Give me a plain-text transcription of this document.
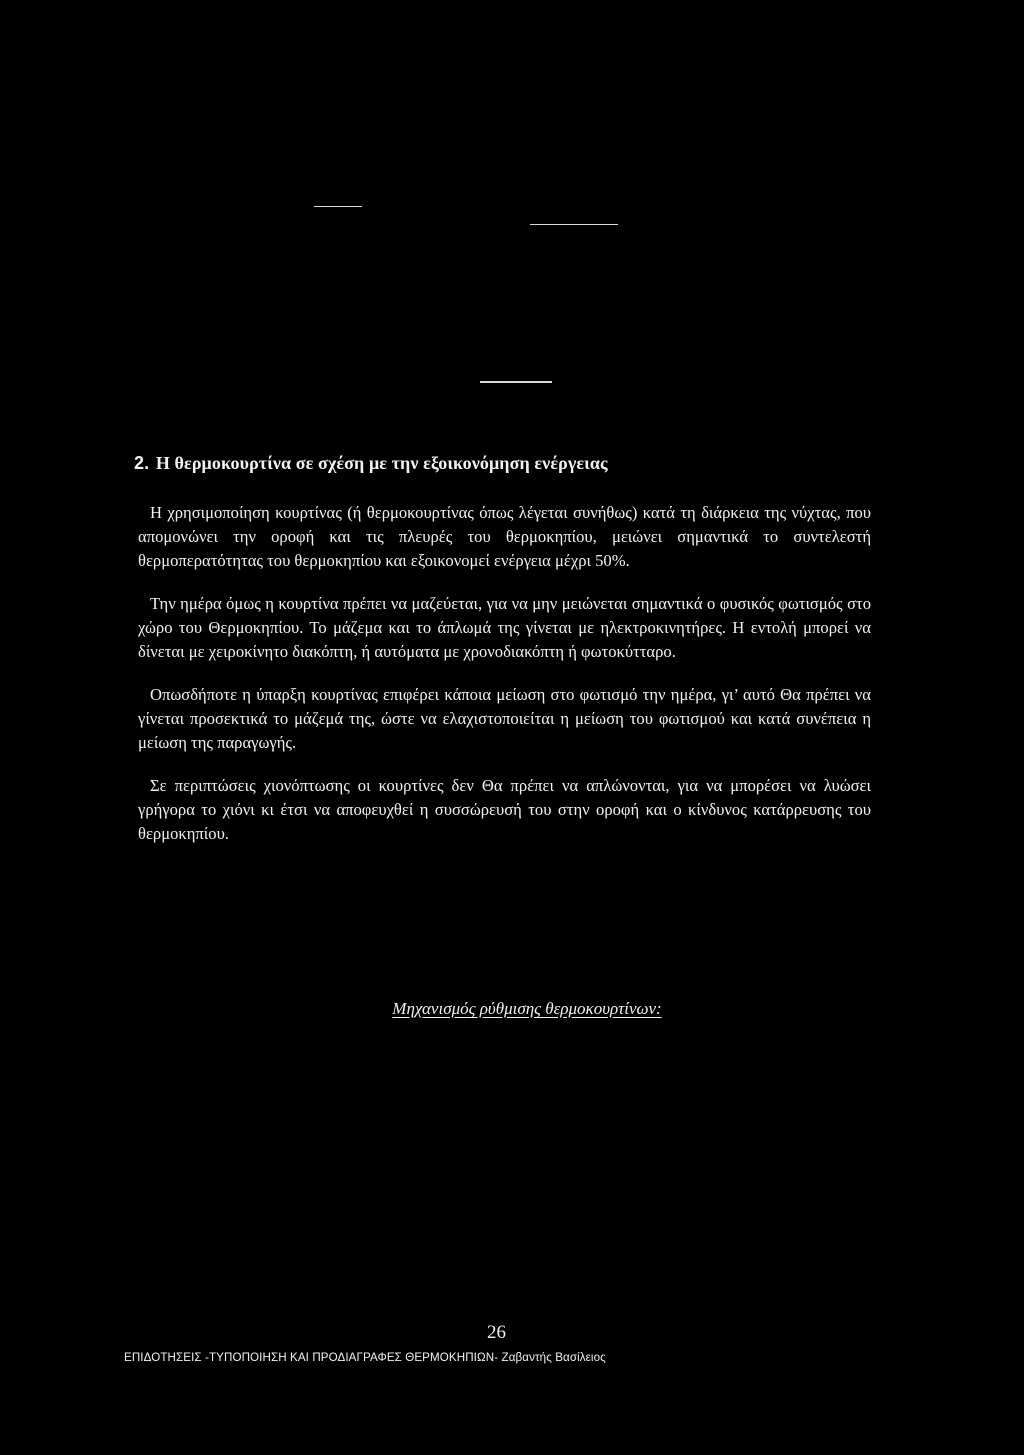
2. Η θερμοκουρτίνα σε σχέση με την εξοικονόμηση ενέργειας

Η χρησιμοποίηση κουρτίνας (ή θερμοκουρτίνας όπως λέγεται συνήθως) κατά τη διάρκεια της νύχτας, που απομονώνει την οροφή και τις πλευρές του θερμοκηπίου, μειώνει σημαντικά το συντελεστή θερμοπερατότητας του θερμοκηπίου και εξοικονομεί ενέργεια μέχρι 50%.

Την ημέρα όμως η κουρτίνα πρέπει να μαζεύεται, για να μην μειώνεται σημαντικά ο φυσικός φωτισμός στο χώρο του Θερμοκηπίου. Το μάζεμα και το άπλωμά της γίνεται με ηλεκτροκινητήρες. Η εντολή μπορεί να δίνεται με χειροκίνητο διακόπτη, ή αυτόματα με χρονοδιακόπτη ή φωτοκύτταρο.

Οπωσδήποτε η ύπαρξη κουρτίνας επιφέρει κάποια μείωση στο φωτισμό την ημέρα, γι’ αυτό Θα πρέπει να γίνεται προσεκτικά το μάζεμά της, ώστε να ελαχιστοποιείται η μείωση του φωτισμού και κατά συνέπεια η μείωση της παραγωγής.

Σε περιπτώσεις χιονόπτωσης οι κουρτίνες δεν Θα πρέπει να απλώνονται, για να μπορέσει να λυώσει γρήγορα το χιόνι κι έτσι να αποφευχθεί η συσσώρευσή του στην οροφή και ο κίνδυνος κατάρρευσης του θερμοκηπίου.

Μηχανισμός ρύθμισης θερμοκουρτίνων:
26
ΕΠΙΔΟΤΗΣΕΙΣ -ΤΥΠΟΠΟΙΗΣΗ ΚΑΙ ΠΡΟΔΙΑΓΡΑΦΕΣ ΘΕΡΜΟΚΗΠΙΩΝ- Ζαβαντής Βασίλειος
